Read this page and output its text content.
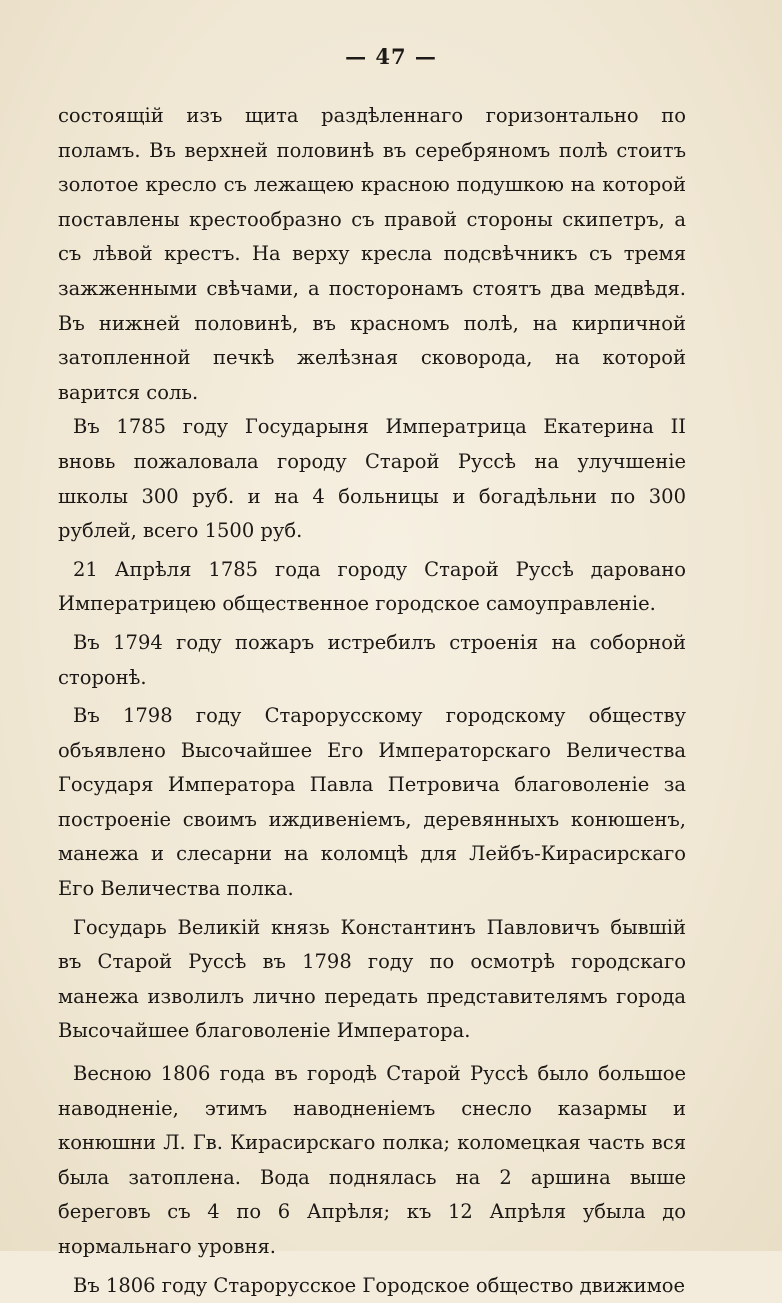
— 47 —

состоящій изъ щита раздѣленнаго горизонтально по поламъ. Въ верхней половинѣ въ серебряномъ полѣ стоитъ золотое кресло съ лежащею красною подушкою на которой поставлены крестообразно съ правой стороны скипетръ, а съ лѣвой крестъ. На верху кресла подсвѣчникъ съ тремя зажженными свѣчами, а посторонамъ стоятъ два медвѣдя. Въ нижней половинѣ, въ красномъ полѣ, на кирпичной затопленной печкѣ желѣзная сковорода, на которой варится соль.

Въ 1785 году Государыня Императрица Екатерина II вновь пожаловала городу Старой Руссѣ на улучшеніе школы 300 руб. и на 4 больницы и богадѣльни по 300 рублей, всего 1500 руб.

21 Апрѣля 1785 года городу Старой Руссѣ даровано Императрицею общественное городское самоуправленіе.

Въ 1794 году пожаръ истребилъ строенія на соборной сторонѣ.

Въ 1798 году Старорусскому городскому обществу объявлено Высочайшее Его Императорскаго Величества Государя Императора Павла Петровича благоволеніе за построеніе своимъ иждивеніемъ, деревянныхъ конюшенъ, манежа и слесарни на коломцѣ для Лейбъ-Кирасирскаго Его Величества полка.

Государь Великій князь Константинъ Павловичъ бывшій въ Старой Руссѣ въ 1798 году по осмотрѣ городскаго манежа изволилъ лично передать представителямъ города Высочайшее благоволеніе Императора.

Весною 1806 года въ городѣ Старой Руссѣ было большое наводненіе, этимъ наводненіемъ снесло казармы и конюшни Л. Гв. Кирасирскаго полка; коломецкая часть вся была затоплена. Вода поднялась на 2 аршина выше береговъ съ 4 по 6 Апрѣля; къ 12 Апрѣля убыла до нормальнаго уровня.

Въ 1806 году Старорусское Городское общество движимое
